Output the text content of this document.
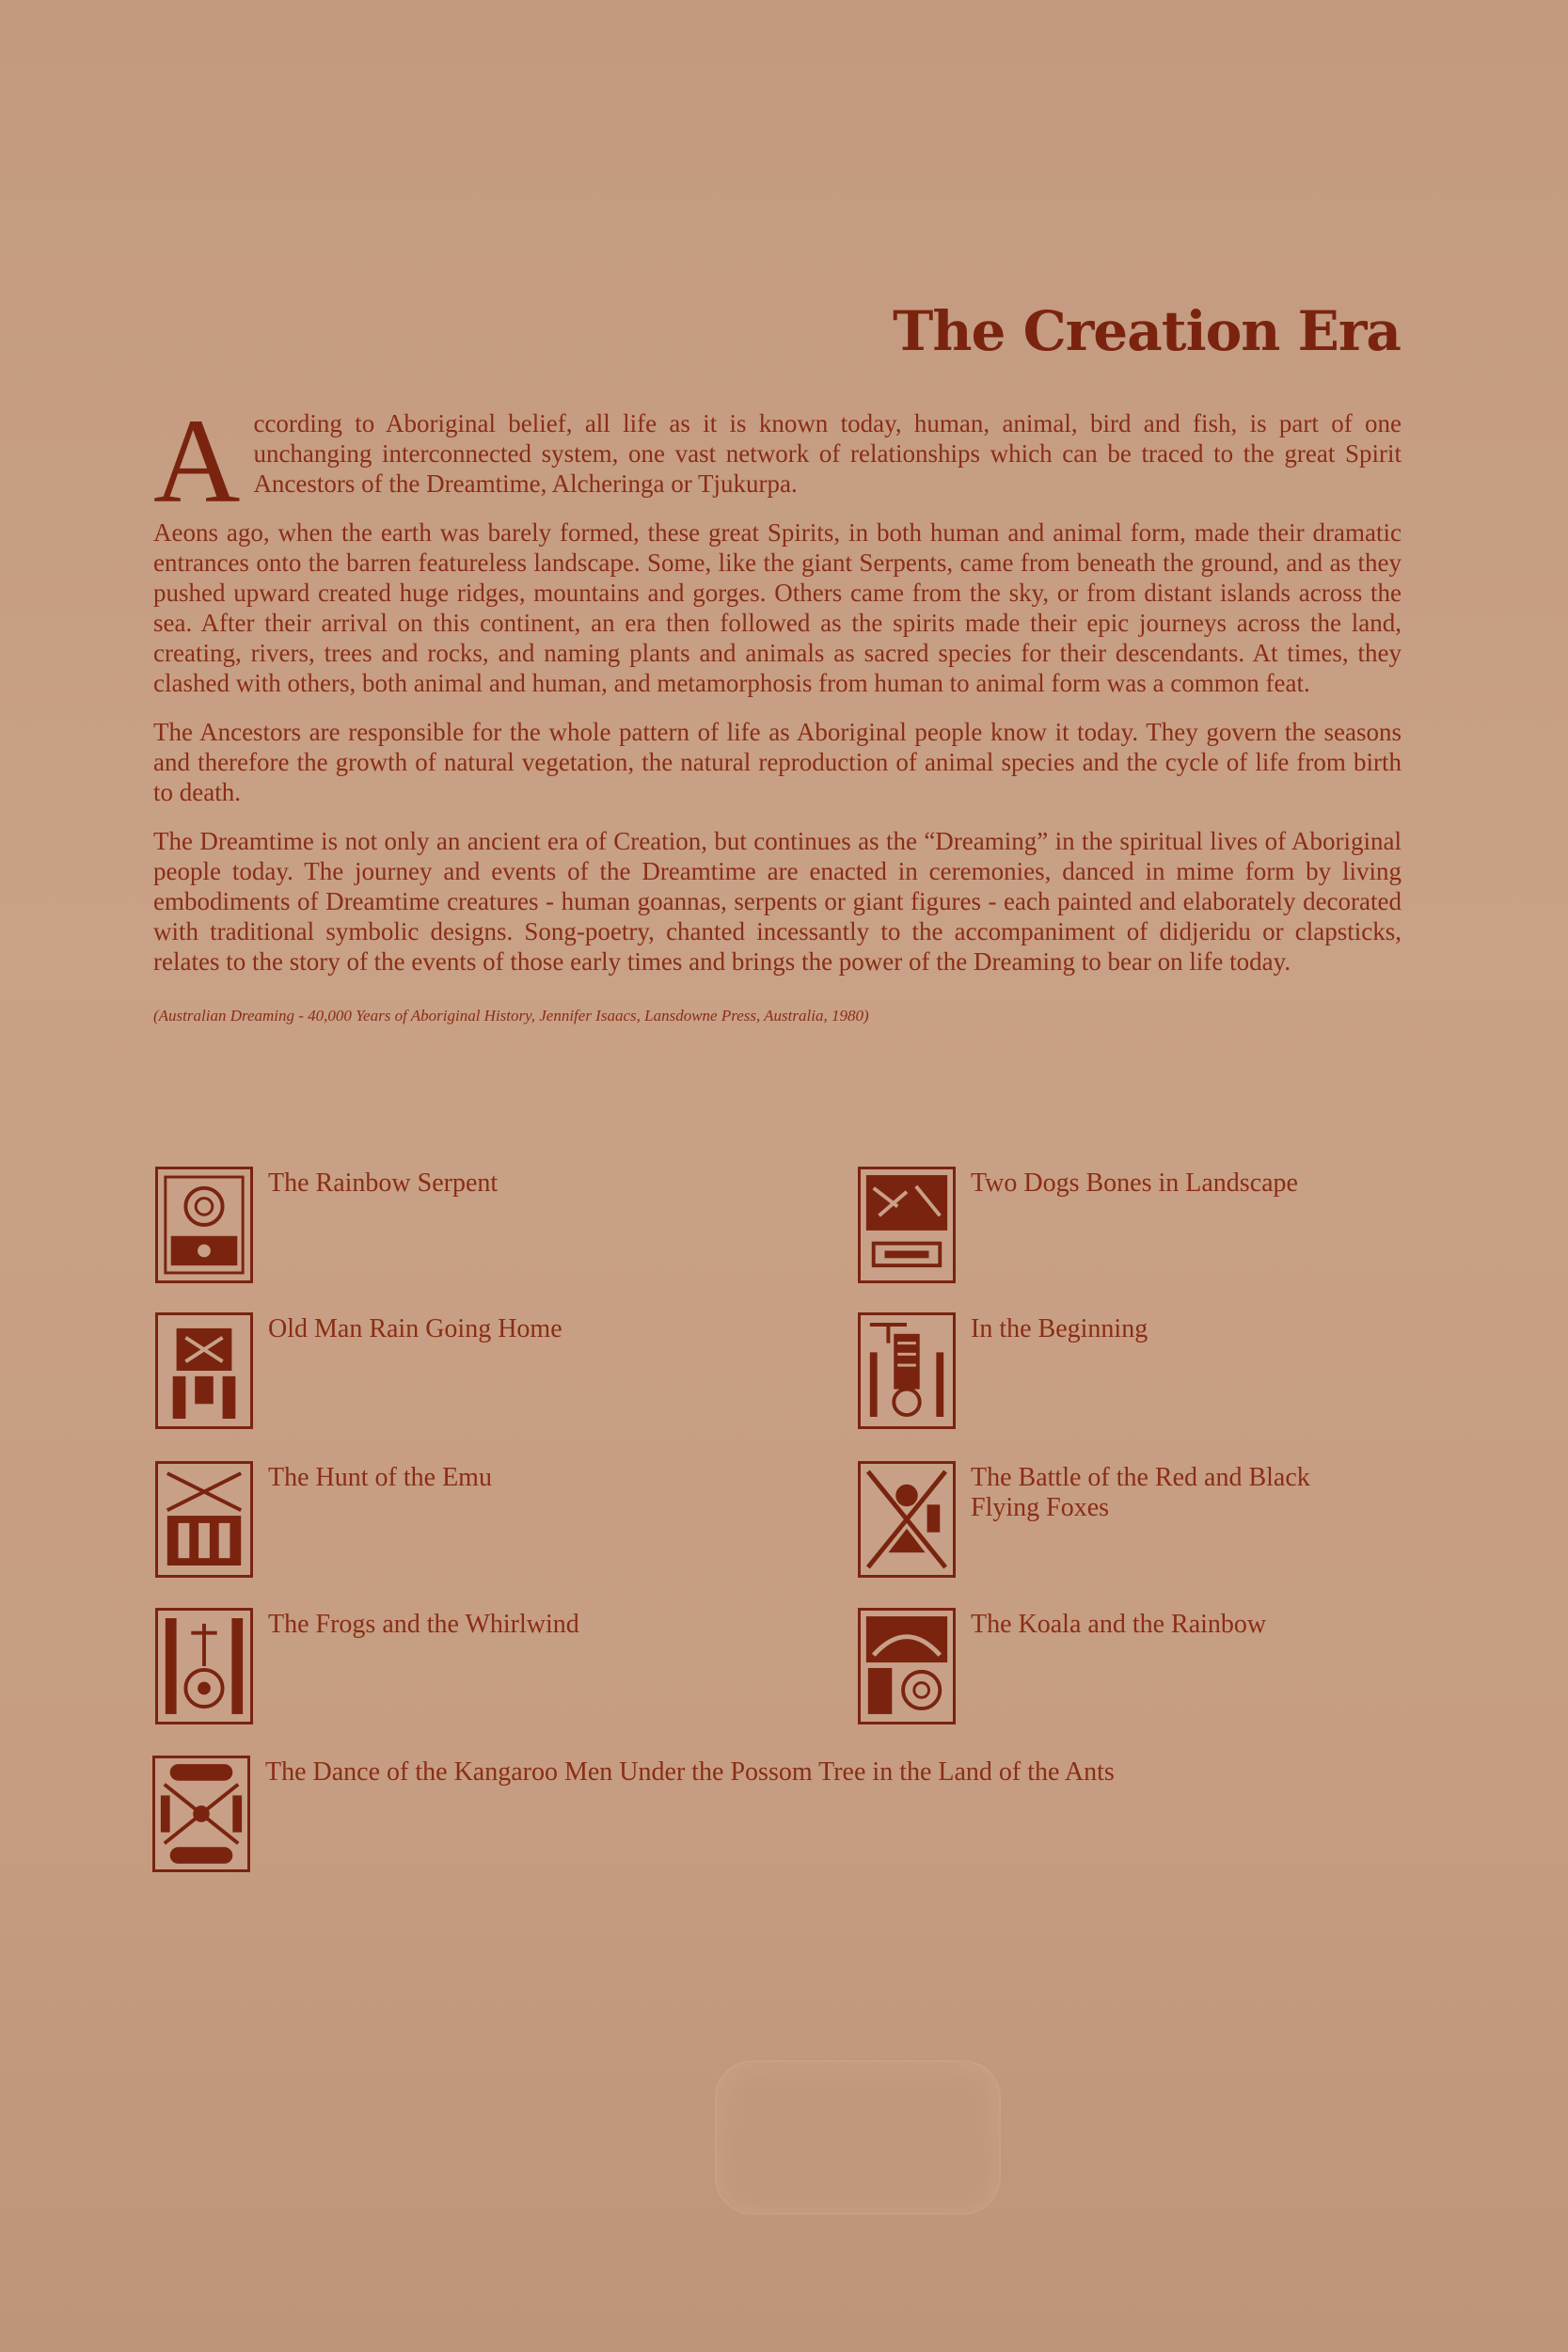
The Creation Era

According to Aboriginal belief, all life as it is known today, human, animal, bird and fish, is part of one unchanging interconnected system, one vast network of relationships which can be traced to the great Spirit Ancestors of the Dreamtime, Alcheringa or Tjukurpa.

Aeons ago, when the earth was barely formed, these great Spirits, in both human and animal form, made their dramatic entrances onto the barren featureless landscape. Some, like the giant Serpents, came from beneath the ground, and as they pushed upward created huge ridges, mountains and gorges. Others came from the sky, or from distant islands across the sea. After their arrival on this continent, an era then followed as the spirits made their epic journeys across the land, creating, rivers, trees and rocks, and naming plants and animals as sacred species for their descendants. At times, they clashed with others, both animal and human, and metamorphosis from human to animal form was a common feat.

The Ancestors are responsible for the whole pattern of life as Aboriginal people know it today. They govern the seasons and therefore the growth of natural vegetation, the natural reproduction of animal species and the cycle of life from birth to death.

The Dreamtime is not only an ancient era of Creation, but continues as the “Dreaming” in the spiritual lives of Aboriginal people today. The journey and events of the Dreamtime are enacted in ceremonies, danced in mime form by living embodiments of Dreamtime creatures - human goannas, serpents or giant figures - each painted and elaborately decorated with traditional symbolic designs. Song-poetry, chanted incessantly to the accompaniment of didjeridu or clapsticks, relates to the story of the events of those early times and brings the power of the Dreaming to bear on life today.

(Australian Dreaming - 40,000 Years of Aboriginal History, Jennifer Isaacs, Lansdowne Press, Australia, 1980)

The Rainbow Serpent
Old Man Rain Going Home
The Hunt of the Emu
The Frogs and the Whirlwind
Two Dogs Bones in Landscape
In the Beginning
The Battle of the Red and Black Flying Foxes
The Koala and the Rainbow
The Dance of the Kangaroo Men Under the Possom Tree in the Land of the Ants
